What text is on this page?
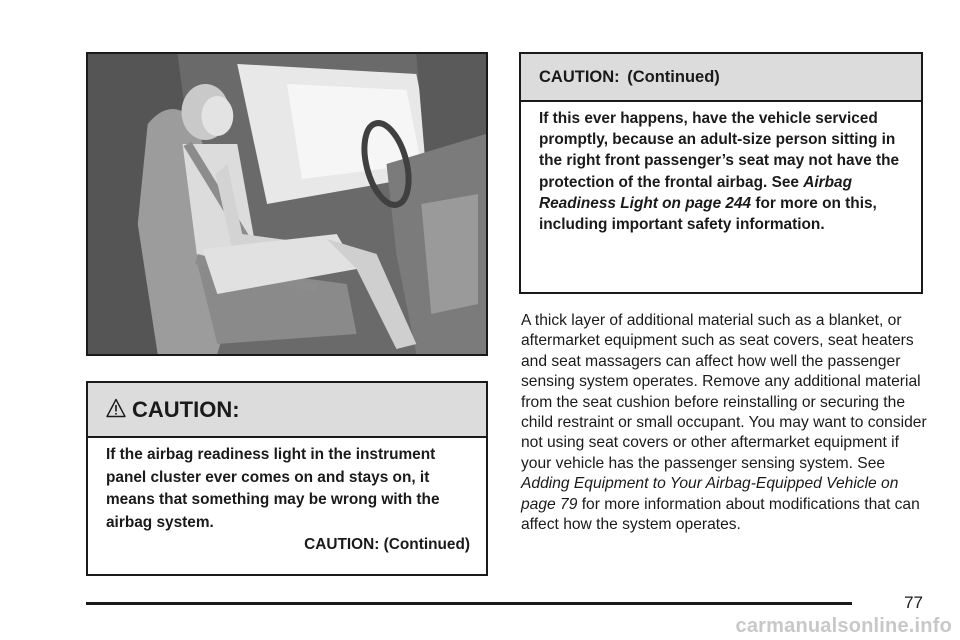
CAUTION:
If the airbag readiness light in the instrument panel cluster ever comes on and stays on, it means that something may be wrong with the airbag system.
CAUTION: (Continued)
CAUTION: (Continued)
If this ever happens, have the vehicle serviced promptly, because an adult-size person sitting in the right front passenger’s seat may not have the protection of the frontal airbag. See Airbag Readiness Light on page 244 for more on this, including important safety information.
A thick layer of additional material such as a blanket, or aftermarket equipment such as seat covers, seat heaters and seat massagers can affect how well the passenger sensing system operates. Remove any additional material from the seat cushion before reinstalling or securing the child restraint or small occupant. You may want to consider not using seat covers or other aftermarket equipment if your vehicle has the passenger sensing system. See Adding Equipment to Your Airbag-Equipped Vehicle on page 79 for more information about modifications that can affect how the system operates.
77
carmanualsonline.info
